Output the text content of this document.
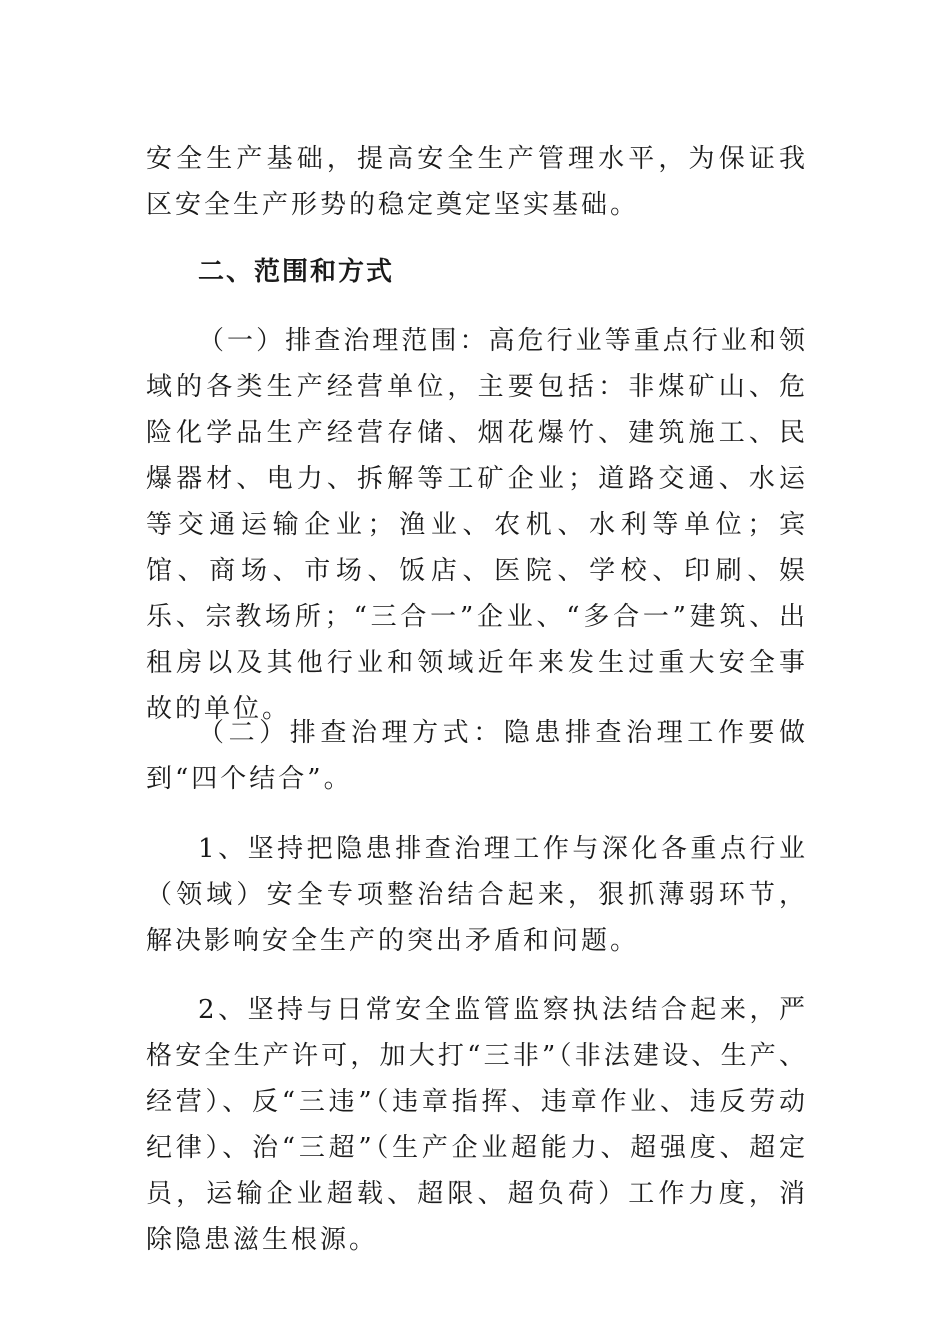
安全生产基础，提高安全生产管理水平，为保证我区安全生产形势的稳定奠定坚实基础。

二、范围和方式

（一）排查治理范围：高危行业等重点行业和领域的各类生产经营单位，主要包括：非煤矿山、危险化学品生产经营存储、烟花爆竹、建筑施工、民爆器材、电力、拆解等工矿企业；道路交通、水运等交通运输企业；渔业、农机、水利等单位；宾馆、商场、市场、饭店、医院、学校、印刷、娱乐、宗教场所；“三合一”企业、“多合一”建筑、出租房以及其他行业和领域近年来发生过重大安全事故的单位。

（二）排查治理方式：隐患排查治理工作要做到“四个结合”。

1、坚持把隐患排查治理工作与深化各重点行业（领域）安全专项整治结合起来，狠抓薄弱环节，解决影响安全生产的突出矛盾和问题。

2、坚持与日常安全监管监察执法结合起来，严格安全生产许可，加大打“三非”（非法建设、生产、经营）、反“三违”（违章指挥、违章作业、违反劳动纪律）、治“三超”（生产企业超能力、超强度、超定员，运输企业超载、超限、超负荷）工作力度，消除隐患滋生根源。
